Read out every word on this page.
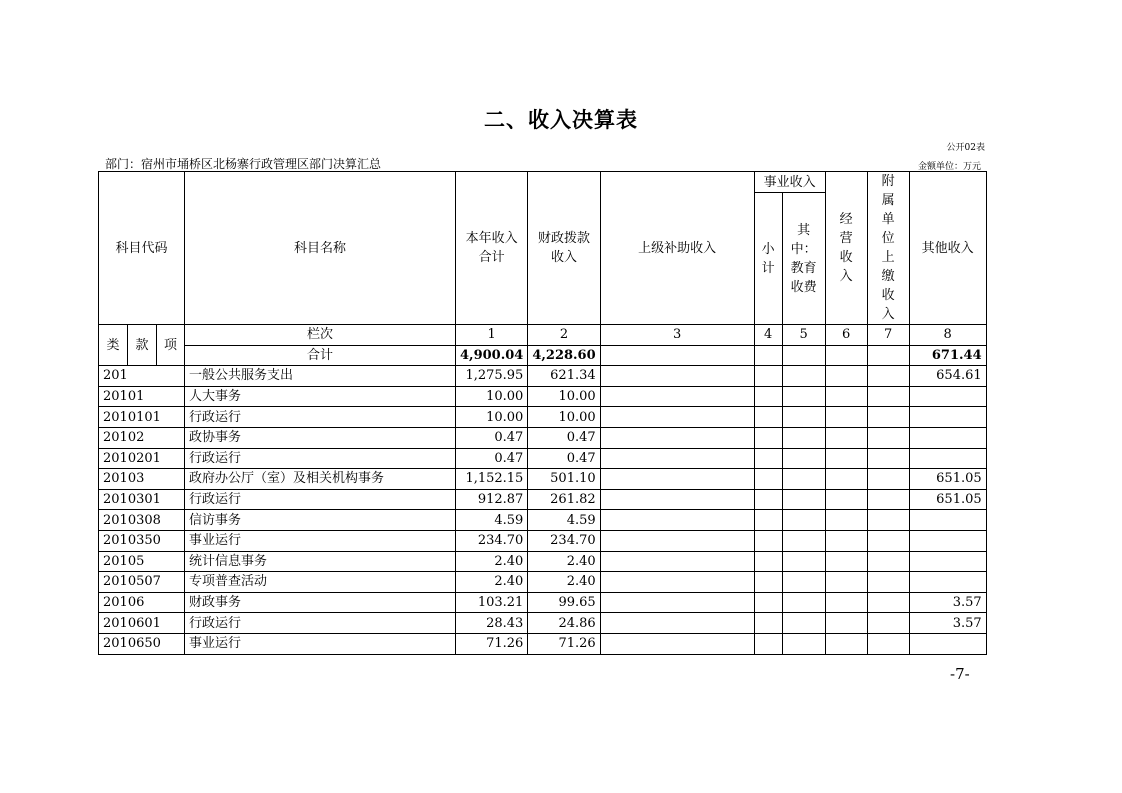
二、收入决算表
公开02表
部门：宿州市埇桥区北杨寨行政管理区部门决算汇总	金额单位：万元
科目代码			科目名称	本年收入合计	财政拨款收入	上级补助收入	事业收入		经营收入	附属单位上缴收入	其他收入

							小计	其中：教育收费			

类	款	项	栏次	1	2	3	4	5	6	7	8
			合计	4,900.04	4,228.60						671.44
201			一般公共服务支出	1,275.95	621.34						654.61
20101			人大事务	10.00	10.00						
2010101			行政运行	10.00	10.00						
20102			政协事务	0.47	0.47						
2010201			行政运行	0.47	0.47						
20103			政府办公厅（室）及相关机构事务	1,152.15	501.10						651.05
2010301			行政运行	912.87	261.82						651.05
2010308			信访事务	4.59	4.59						
2010350			事业运行	234.70	234.70						
20105			统计信息事务	2.40	2.40						
2010507			专项普查活动	2.40	2.40						
20106			财政事务	103.21	99.65						3.57
2010601			行政运行	28.43	24.86						3.57
2010650			事业运行	71.26	71.26						
-7-
